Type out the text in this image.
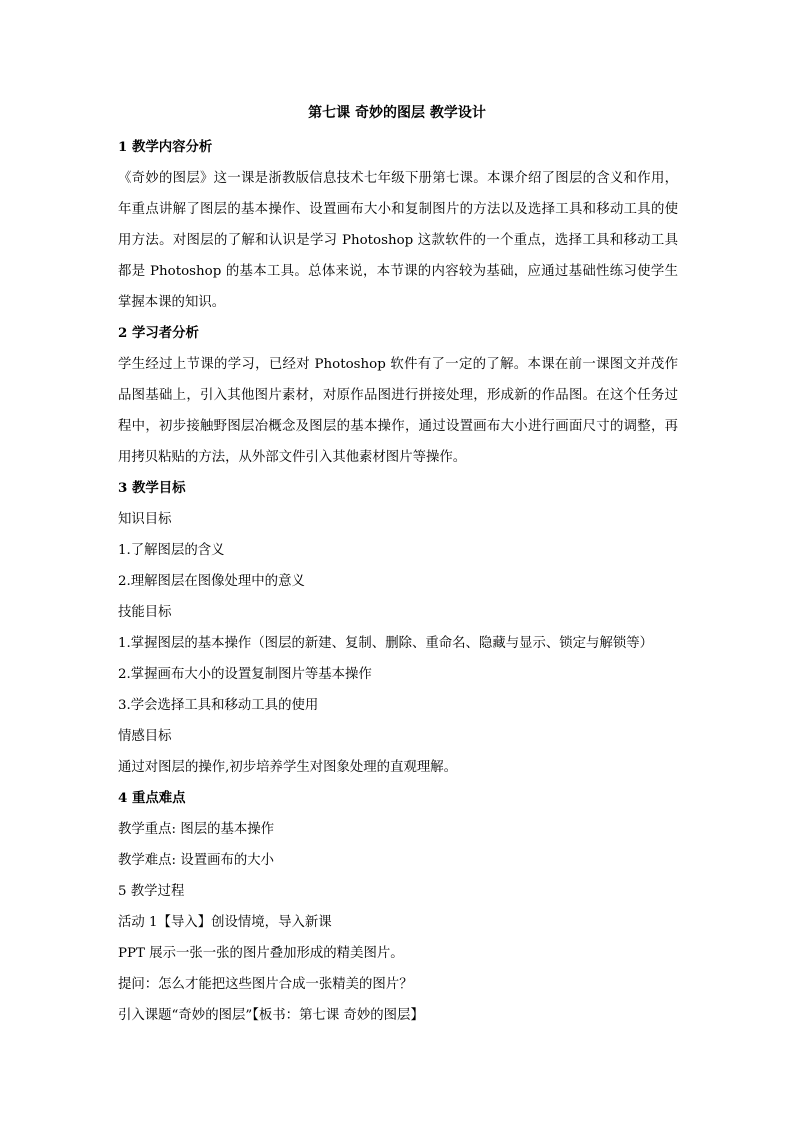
第七课 奇妙的图层 教学设计
1 教学内容分析
《奇妙的图层》这一课是浙教版信息技术七年级下册第七课。本课介绍了图层的含义和作用，年重点讲解了图层的基本操作、设置画布大小和复制图片的方法以及选择工具和移动工具的使用方法。对图层的了解和认识是学习 Photoshop 这款软件的一个重点，选择工具和移动工具都是 Photoshop 的基本工具。总体来说，本节课的内容较为基础，应通过基础性练习使学生掌握本课的知识。
2 学习者分析
学生经过上节课的学习，已经对 Photoshop 软件有了一定的了解。本课在前一课图文并茂作品图基础上，引入其他图片素材，对原作品图进行拼接处理，形成新的作品图。在这个任务过程中，初步接触野图层冶概念及图层的基本操作，通过设置画布大小进行画面尺寸的调整，再用拷贝粘贴的方法，从外部文件引入其他素材图片等操作。
3 教学目标
知识目标
1.了解图层的含义
2.理解图层在图像处理中的意义
技能目标
1.掌握图层的基本操作（图层的新建、复制、删除、重命名、隐藏与显示、锁定与解锁等）
2.掌握画布大小的设置复制图片等基本操作
3.学会选择工具和移动工具的使用
情感目标
通过对图层的操作,初步培养学生对图象处理的直观理解。
4 重点难点
教学重点: 图层的基本操作
教学难点: 设置画布的大小
5 教学过程
活动 1【导入】创设情境，导入新课
PPT 展示一张一张的图片叠加形成的精美图片。
提问：怎么才能把这些图片合成一张精美的图片？
引入课题“奇妙的图层”【板书：第七课 奇妙的图层】
